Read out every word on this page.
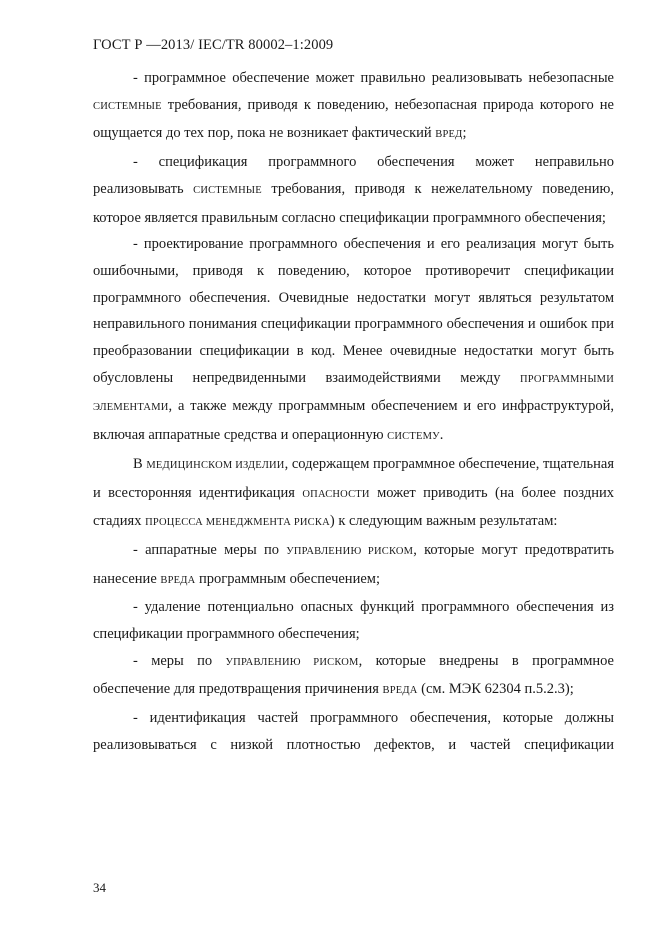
ГОСТ Р —2013/ IEC/TR 80002–1:2009

- программное обеспечение может правильно реализовывать небезопасные СИСТЕМНЫЕ требования, приводя к поведению, небезопасная природа которого не ощущается до тех пор, пока не возникает фактический ВРЕД;

- спецификация программного обеспечения может неправильно реализовывать СИСТЕМНЫЕ требования, приводя к нежелательному поведению, которое является правильным согласно спецификации программного обеспечения;

- проектирование программного обеспечения и его реализация могут быть ошибочными, приводя к поведению, которое противоречит спецификации программного обеспечения. Очевидные недостатки могут являться результатом неправильного понимания спецификации программного обеспечения и ошибок при преобразовании спецификации в код. Менее очевидные недостатки могут быть обусловлены непредвиденными взаимодействиями между ПРОГРАММНЫМИ ЭЛЕМЕНТАМИ, а также между программным обеспечением и его инфраструктурой, включая аппаратные средства и операционную СИСТЕМУ.

В МЕДИЦИНСКОМ ИЗДЕЛИИ, содержащем программное обеспечение, тщательная и всесторонняя идентификация ОПАСНОСТИ может приводить (на более поздних стадиях ПРОЦЕССА МЕНЕДЖМЕНТА РИСКА) к следующим важным результатам:

- аппаратные меры по УПРАВЛЕНИЮ РИСКОМ, которые могут предотвратить нанесение ВРЕДА программным обеспечением;

- удаление потенциально опасных функций программного обеспечения из спецификации программного обеспечения;

- меры по УПРАВЛЕНИЮ РИСКОМ, которые внедрены в программное обеспечение для предотвращения причинения ВРЕДА (см. МЭК 62304 п.5.2.3);

- идентификация частей программного обеспечения, которые должны реализовываться с низкой плотностью дефектов, и частей спецификации

34
